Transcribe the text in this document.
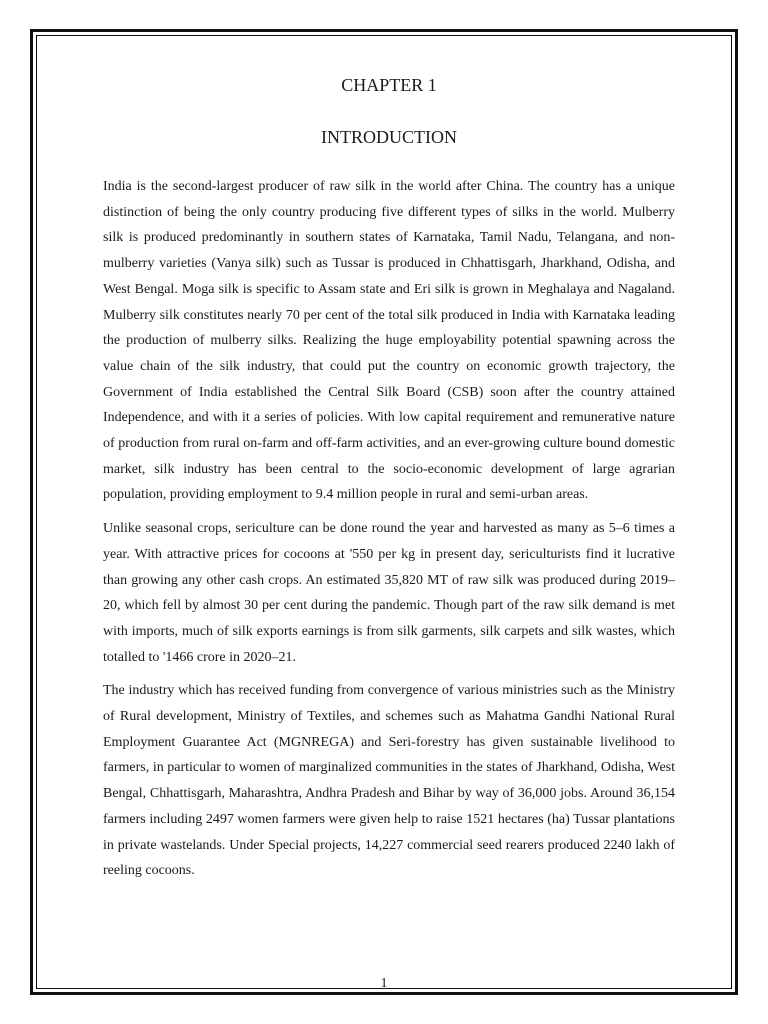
CHAPTER 1
INTRODUCTION

India is the second-largest producer of raw silk in the world after China. The country has a unique distinction of being the only country producing five different types of silks in the world. Mulberry silk is produced predominantly in southern states of Karnataka, Tamil Nadu, Telangana, and non-mulberry varieties (Vanya silk) such as Tussar is produced in Chhattisgarh, Jharkhand, Odisha, and West Bengal. Moga silk is specific to Assam state and Eri silk is grown in Meghalaya and Nagaland. Mulberry silk constitutes nearly 70 per cent of the total silk produced in India with Karnataka leading the production of mulberry silks. Realizing the huge employability potential spawning across the value chain of the silk industry, that could put the country on economic growth trajectory, the Government of India established the Central Silk Board (CSB) soon after the country attained Independence, and with it a series of policies. With low capital requirement and remunerative nature of production from rural on-farm and off-farm activities, and an ever-growing culture bound domestic market, silk industry has been central to the socio-economic development of large agrarian population, providing employment to 9.4 million people in rural and semi-urban areas.

Unlike seasonal crops, sericulture can be done round the year and harvested as many as 5–6 times a year. With attractive prices for cocoons at '550 per kg in present day, sericulturists find it lucrative than growing any other cash crops. An estimated 35,820 MT of raw silk was produced during 2019–20, which fell by almost 30 per cent during the pandemic. Though part of the raw silk demand is met with imports, much of silk exports earnings is from silk garments, silk carpets and silk wastes, which totalled to '1466 crore in 2020–21.

The industry which has received funding from convergence of various ministries such as the Ministry of Rural development, Ministry of Textiles, and schemes such as Mahatma Gandhi National Rural Employment Guarantee Act (MGNREGA) and Seri-forestry has given sustainable livelihood to farmers, in particular to women of marginalized communities in the states of Jharkhand, Odisha, West Bengal, Chhattisgarh, Maharashtra, Andhra Pradesh and Bihar by way of 36,000 jobs. Around 36,154 farmers including 2497 women farmers were given help to raise 1521 hectares (ha) Tussar plantations in private wastelands. Under Special projects, 14,227 commercial seed rearers produced 2240 lakh of reeling cocoons.

1
